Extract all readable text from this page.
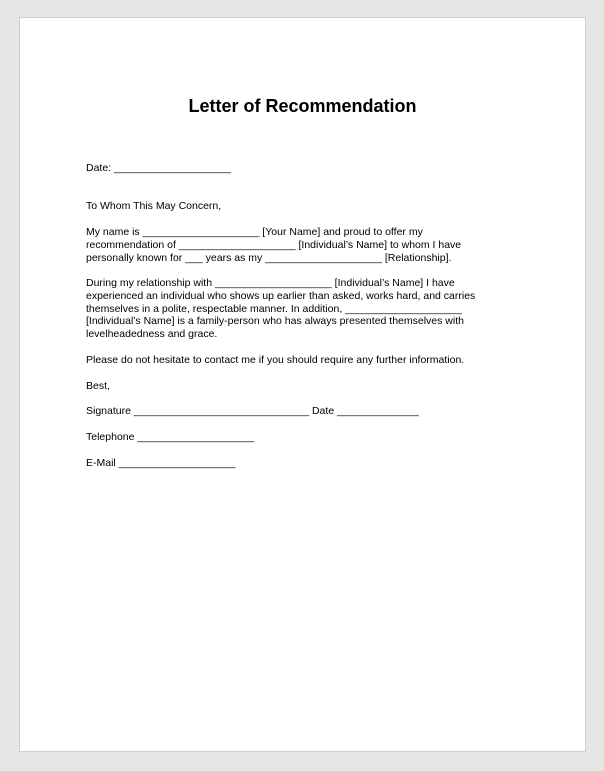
Letter of Recommendation

Date: ____________________

To Whom This May Concern,

My name is ____________________ [Your Name] and proud to offer my
recommendation of ____________________ [Individual’s Name] to whom I have
personally known for ___ years as my ____________________ [Relationship].

During my relationship with ____________________ [Individual’s Name] I have
experienced an individual who shows up earlier than asked, works hard, and carries
themselves in a polite, respectable manner. In addition, ____________________
[Individual’s Name] is a family-person who has always presented themselves with
levelheadedness and grace.

Please do not hesitate to contact me if you should require any further information.

Best,

Signature ______________________________ Date ______________

Telephone ____________________

E-Mail ____________________
